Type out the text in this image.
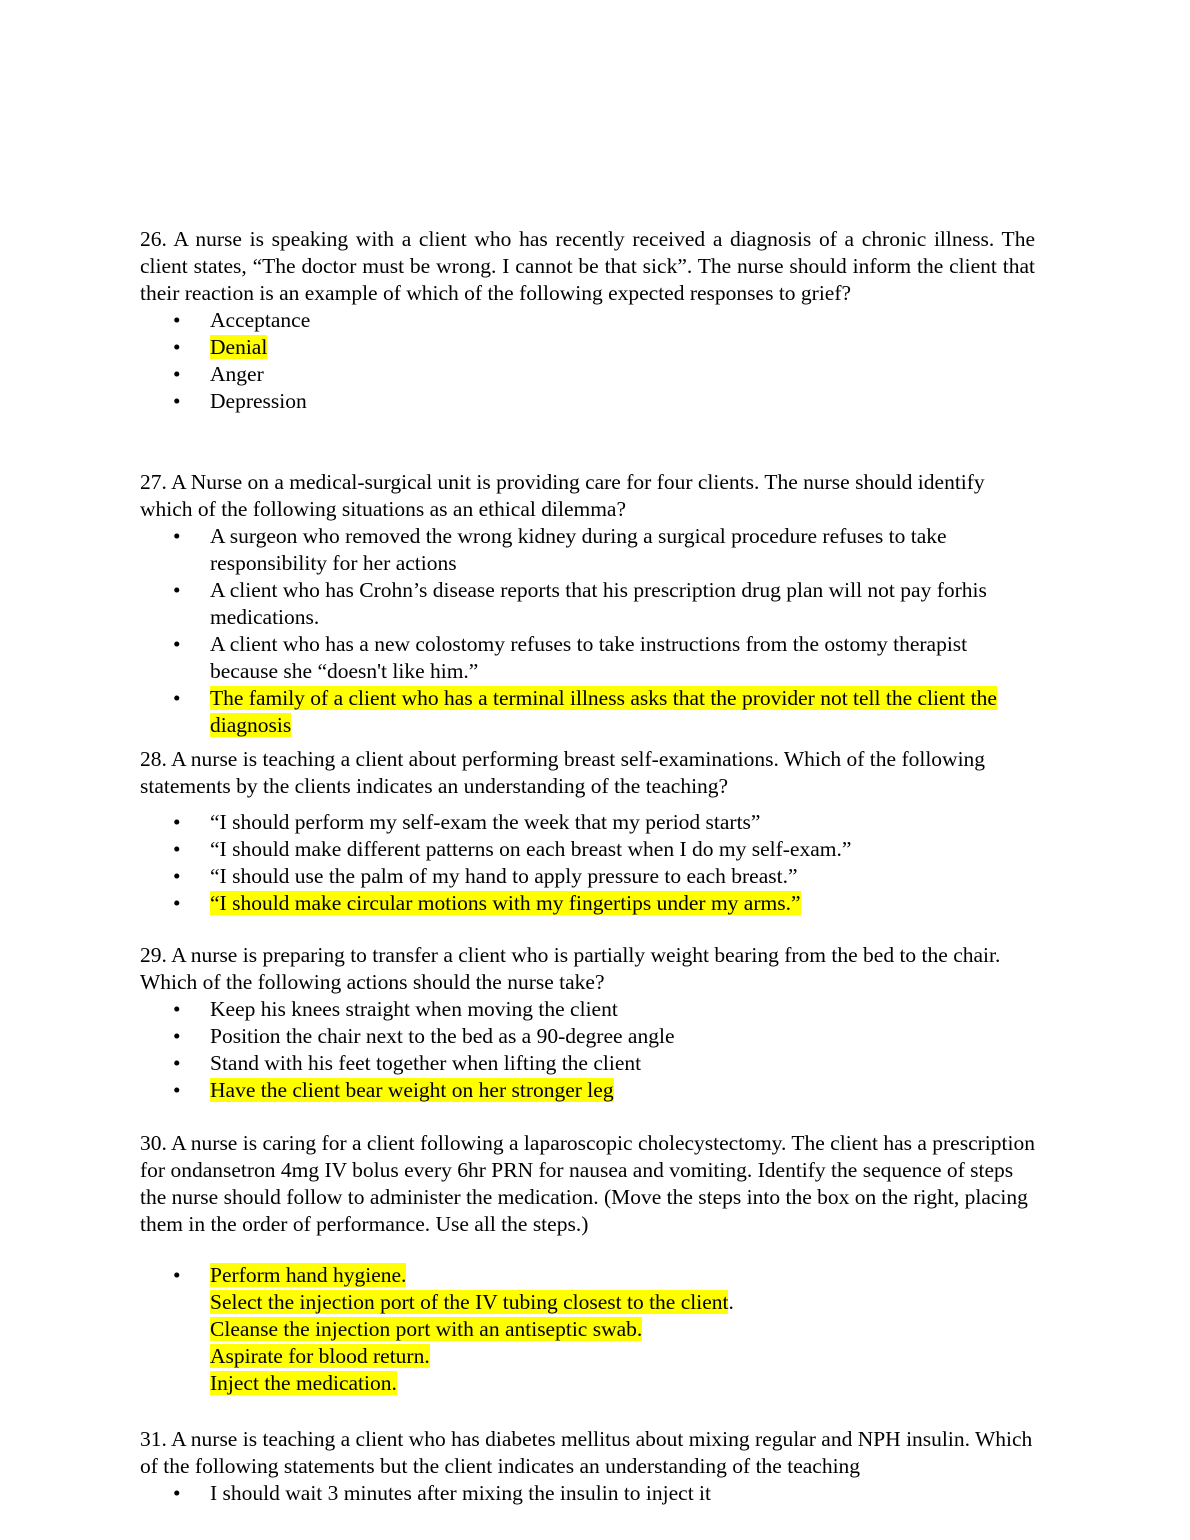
26. A nurse is speaking with a client who has recently received a diagnosis of a chronic illness. The client states, “The doctor must be wrong. I cannot be that sick”. The nurse should inform the client that their reaction is an example of which of the following expected responses to grief?

• Acceptance
• Denial
• Anger
• Depression

27. A Nurse on a medical-surgical unit is providing care for four clients. The nurse should identify which of the following situations as an ethical dilemma?

• A surgeon who removed the wrong kidney during a surgical procedure refuses to take responsibility for her actions
• A client who has Crohn’s disease reports that his prescription drug plan will not pay forhis medications.
• A client who has a new colostomy refuses to take instructions from the ostomy therapist because she “doesn't like him.”
• The family of a client who has a terminal illness asks that the provider not tell the client the diagnosis

28. A nurse is teaching a client about performing breast self-examinations. Which of the following statements by the clients indicates an understanding of the teaching?

• “I should perform my self-exam the week that my period starts”
• “I should make different patterns on each breast when I do my self-exam.”
• “I should use the palm of my hand to apply pressure to each breast.”
• “I should make circular motions with my fingertips under my arms.”

29. A nurse is preparing to transfer a client who is partially weight bearing from the bed to the chair. Which of the following actions should the nurse take?

• Keep his knees straight when moving the client
• Position the chair next to the bed as a 90-degree angle
• Stand with his feet together when lifting the client
• Have the client bear weight on her stronger leg

30. A nurse is caring for a client following a laparoscopic cholecystectomy. The client has a prescription for ondansetron 4mg IV bolus every 6hr PRN for nausea and vomiting. Identify the sequence of steps the nurse should follow to administer the medication. (Move the steps into the box on the right, placing them in the order of performance. Use all the steps.)

• Perform hand hygiene.
Select the injection port of the IV tubing closest to the client.
Cleanse the injection port with an antiseptic swab.
Aspirate for blood return.
Inject the medication.

31. A nurse is teaching a client who has diabetes mellitus about mixing regular and NPH insulin. Which of the following statements but the client indicates an understanding of the teaching

• I should wait 3 minutes after mixing the insulin to inject it
